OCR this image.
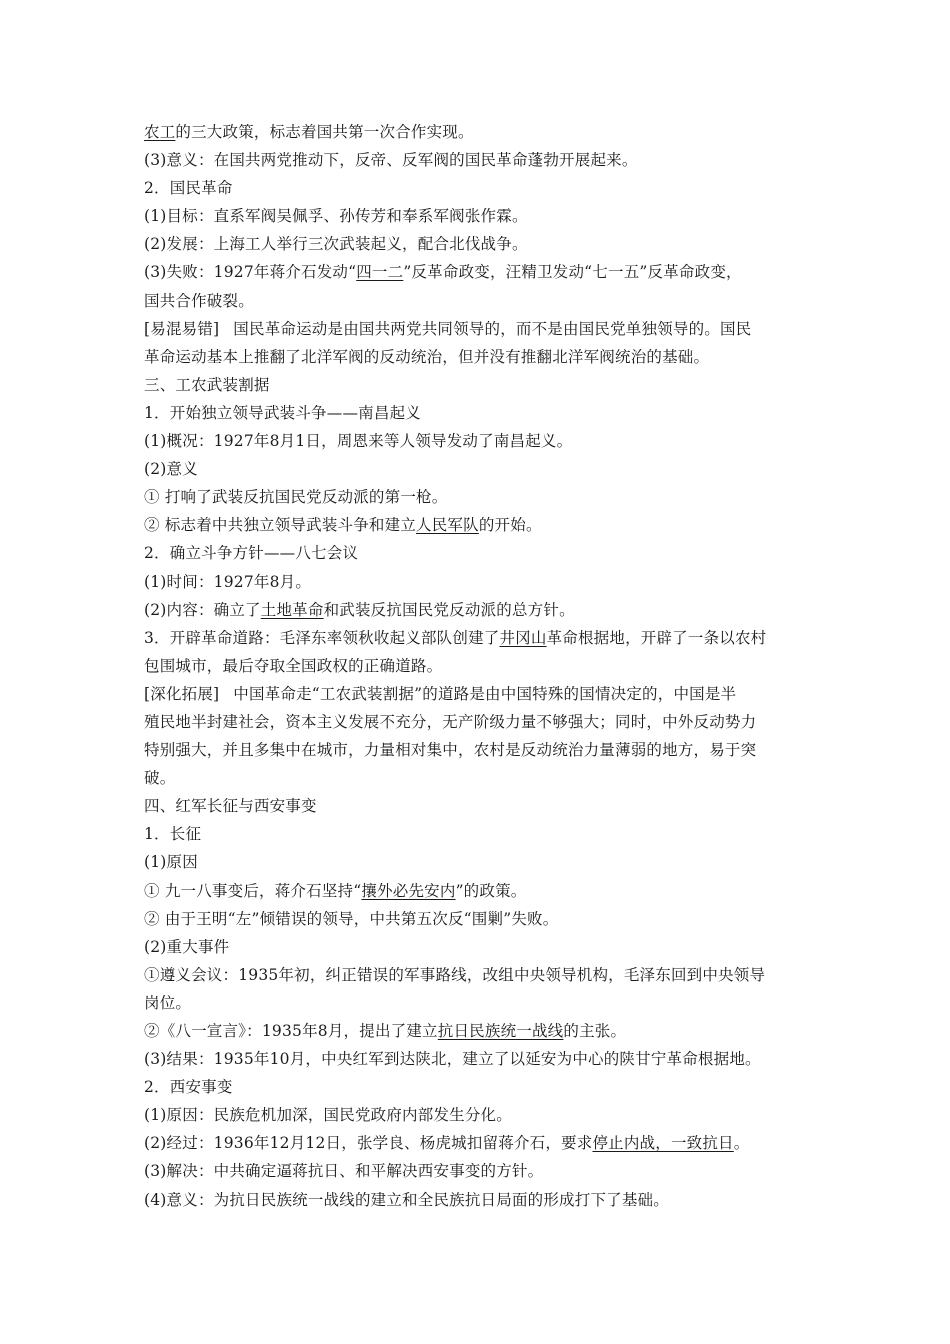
农工的三大政策，标志着国共第一次合作实现。

(3)意义：在国共两党推动下，反帝、反军阀的国民革命蓬勃开展起来。

2．国民革命

(1)目标：直系军阀吴佩孚、孙传芳和奉系军阀张作霖。

(2)发展：上海工人举行三次武装起义，配合北伐战争。

(3)失败：1927年蒋介石发动“四一二”反革命政变，汪精卫发动“七一五”反革命政变，

国共合作破裂。

[易混易错] 国民革命运动是由国共两党共同领导的，而不是由国民党单独领导的。国民

革命运动基本上推翻了北洋军阀的反动统治，但并没有推翻北洋军阀统治的基础。

三、工农武装割据

1．开始独立领导武装斗争——南昌起义

(1)概况：1927年8月1日，周恩来等人领导发动了南昌起义。

(2)意义

① 打响了武装反抗国民党反动派的第一枪。

② 标志着中共独立领导武装斗争和建立人民军队的开始。

2．确立斗争方针——八七会议

(1)时间：1927年8月。

(2)内容：确立了土地革命和武装反抗国民党反动派的总方针。

3．开辟革命道路：毛泽东率领秋收起义部队创建了井冈山革命根据地，开辟了一条以农村

包围城市，最后夺取全国政权的正确道路。

[深化拓展] 中国革命走“工农武装割据”的道路是由中国特殊的国情决定的，中国是半

殖民地半封建社会，资本主义发展不充分，无产阶级力量不够强大；同时，中外反动势力

特别强大，并且多集中在城市，力量相对集中，农村是反动统治力量薄弱的地方，易于突

破。

四、红军长征与西安事变

1．长征

(1)原因

① 九一八事变后，蒋介石坚持“攘外必先安内”的政策。

② 由于王明“左”倾错误的领导，中共第五次反“围剿”失败。

(2)重大事件

①遵义会议：1935年初，纠正错误的军事路线，改组中央领导机构，毛泽东回到中央领导

岗位。

②《八一宣言》：1935年8月，提出了建立抗日民族统一战线的主张。

(3)结果：1935年10月，中央红军到达陕北，建立了以延安为中心的陕甘宁革命根据地。

2．西安事变

(1)原因：民族危机加深，国民党政府内部发生分化。

(2)经过：1936年12月12日，张学良、杨虎城扣留蒋介石，要求停止内战，一致抗日。

(3)解决：中共确定逼蒋抗日、和平解决西安事变的方针。

(4)意义：为抗日民族统一战线的建立和全民族抗日局面的形成打下了基础。
